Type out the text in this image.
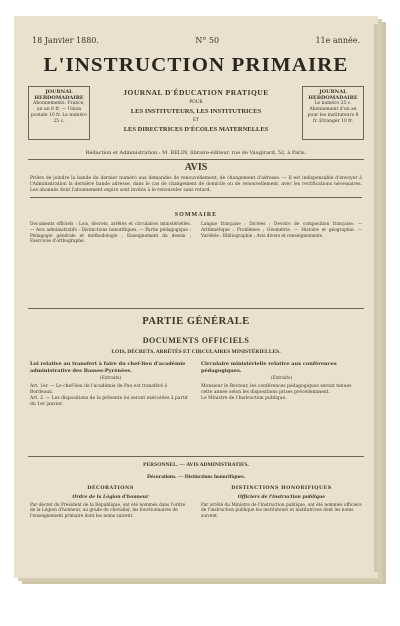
18 Janvier 1880.	N° 50	11e année.
L'INSTRUCTION PRIMAIRE
JOURNAL HEBDOMADAIRE
Abonnements: France, un an 8 fr. — Union postale 10 fr. Le numéro 25 c.
JOURNAL D'ÉDUCATION PRATIQUE
POUR
LES INSTITUTEURS, LES INSTITUTRICES
ET
LES DIRECTRICES D'ÉCOLES MATERNELLES
JOURNAL HEBDOMADAIRE
Le numéro 25 c. Abonnement d'un an pour les instituteurs 8 fr. Etranger 10 fr.
Rédaction et Administration : M. BELIN, libraire-éditeur, rue de Vaugirard, 52, à Paris.
AVIS
Prière de joindre la bande du dernier numéro aux demandes de renouvellement, de changement d'adresse. — Il est indispensable d'envoyer à l'Administration la dernière bande adresse, dans le cas de changement de domicile ou de renouvellement, avec les rectifications nécessaires. Les abonnés dont l'abonnement expire sont invités à le renouveler sans retard.
SOMMAIRE
Documents officiels : Lois, décrets, arrêtés et circulaires ministérielles. — Avis administratifs : Distinctions honorifiques. — Partie pédagogique : Pédagogie générale et méthodologie ; Enseignement du dessin ; Exercices d'orthographe.
Langue française : Dictées ; Devoirs de composition française. — Arithmétique : Problèmes ; Géométrie. — Histoire et géographie. — Variétés : Bibliographie ; Avis divers et renseignements.
PARTIE GÉNÉRALE
DOCUMENTS OFFICIELS
LOIS, DÉCRETS, ARRÊTÉS ET CIRCULAIRES MINISTÉRIELLES.
Loi relative au transfert à faire du chef-lieu d'académie administrative des Basses-Pyrénées.
(Extraits)

Art. 1er. — Le chef-lieu de l'académie de Pau est transféré à Bordeaux.

Art. 2. — Les dispositions de la présente loi seront exécutées à partir du 1er janvier.

Circulaire ministérielle relative aux conférences pédagogiques.
(Extraits)

Monsieur le Recteur, les conférences pédagogiques seront tenues cette année selon les dispositions prises précédemment.

Le Ministre de l'Instruction publique.

PERSONNEL. — AVIS ADMINISTRATIFS.
Décorations. — Distinctions honorifiques.
DÉCORATIONS
Ordre de la Légion d'honneur
Par décret du Président de la République, ont été nommés dans l'ordre de la Légion d'honneur, au grade de chevalier, les fonctionnaires de l'enseignement primaire dont les noms suivent.
DISTINCTIONS HONORIFIQUES
Officiers de l'instruction publique
Par arrêté du Ministre de l'Instruction publique, ont été nommés officiers de l'instruction publique les instituteurs et institutrices dont les noms suivent.
